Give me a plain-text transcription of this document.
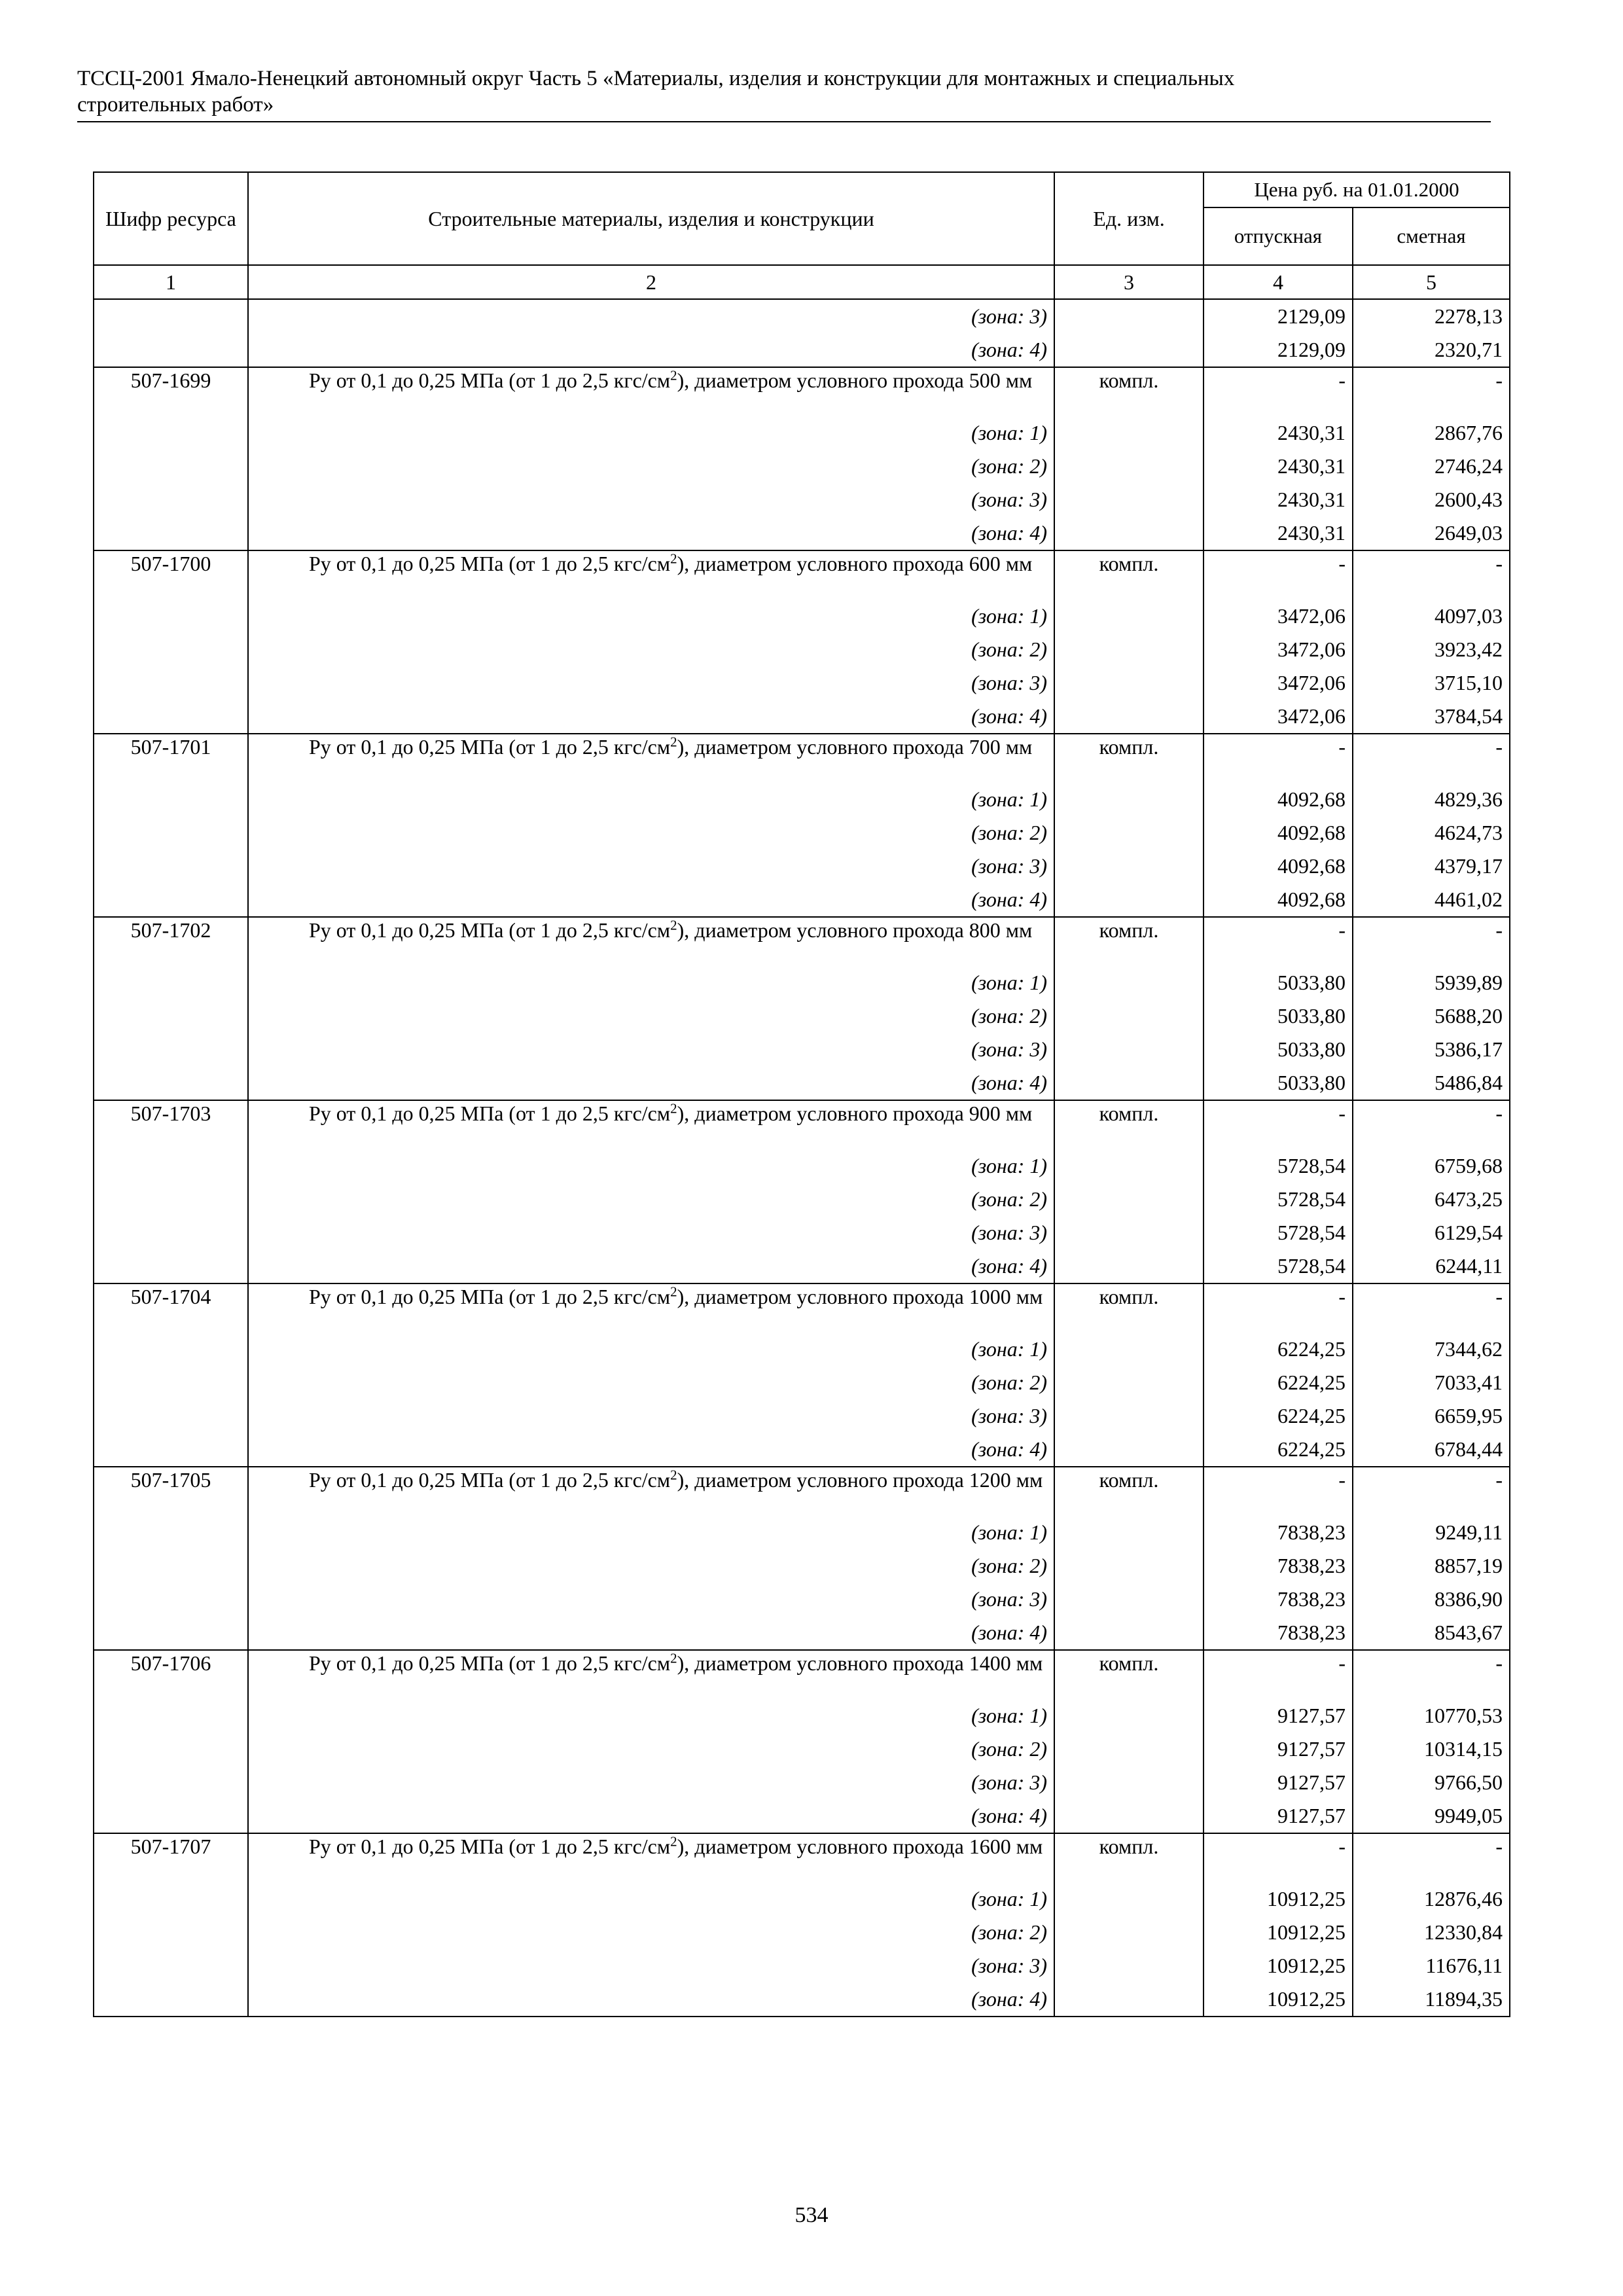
ТССЦ-2001 Ямало-Ненецкий автономный округ Часть 5 «Материалы, изделия и конструкции для монтажных и специальных
строительных работ»
Шифр ресурса	Строительные материалы, изделия и конструкции	Ед. изм.	Цена руб. на 01.01.2000	
			отпускная	сметная
1	2	3	4	5
	(зона: 3)		2129,09	2278,13
	(зона: 4)		2129,09	2320,71
507-1699	Ру от 0,1 до 0,25 МПа (от 1 до 2,5 кгс/$см^2$), диаметром условного прохода 500 мм	компл.	-	-
	(зона: 1)		2430,31	2867,76
	(зона: 2)		2430,31	2746,24
	(зона: 3)		2430,31	2600,43
	(зона: 4)		2430,31	2649,03
507-1700	Ру от 0,1 до 0,25 МПа (от 1 до 2,5 кгс/$см^2$), диаметром условного прохода 600 мм	компл.	-	-
	(зона: 1)		3472,06	4097,03
	(зона: 2)		3472,06	3923,42
	(зона: 3)		3472,06	3715,10
	(зона: 4)		3472,06	3784,54
507-1701	Ру от 0,1 до 0,25 МПа (от 1 до 2,5 кгс/$см^2$), диаметром условного прохода 700 мм	компл.	-	-
	(зона: 1)		4092,68	4829,36
	(зона: 2)		4092,68	4624,73
	(зона: 3)		4092,68	4379,17
	(зона: 4)		4092,68	4461,02
507-1702	Ру от 0,1 до 0,25 МПа (от 1 до 2,5 кгс/$см^2$), диаметром условного прохода 800 мм	компл.	-	-
	(зона: 1)		5033,80	5939,89
	(зона: 2)		5033,80	5688,20
	(зона: 3)		5033,80	5386,17
	(зона: 4)		5033,80	5486,84
507-1703	Ру от 0,1 до 0,25 МПа (от 1 до 2,5 кгс/$см^2$), диаметром условного прохода 900 мм	компл.	-	-
	(зона: 1)		5728,54	6759,68
	(зона: 2)		5728,54	6473,25
	(зона: 3)		5728,54	6129,54
	(зона: 4)		5728,54	6244,11
507-1704	Ру от 0,1 до 0,25 МПа (от 1 до 2,5 кгс/$см^2$), диаметром условного прохода 1000 мм	компл.	-	-
	(зона: 1)		6224,25	7344,62
	(зона: 2)		6224,25	7033,41
	(зона: 3)		6224,25	6659,95
	(зона: 4)		6224,25	6784,44
507-1705	Ру от 0,1 до 0,25 МПа (от 1 до 2,5 кгс/$см^2$), диаметром условного прохода 1200 мм	компл.	-	-
	(зона: 1)		7838,23	9249,11
	(зона: 2)		7838,23	8857,19
	(зона: 3)		7838,23	8386,90
	(зона: 4)		7838,23	8543,67
507-1706	Ру от 0,1 до 0,25 МПа (от 1 до 2,5 кгс/$см^2$), диаметром условного прохода 1400 мм	компл.	-	-
	(зона: 1)		9127,57	10770,53
	(зона: 2)		9127,57	10314,15
	(зона: 3)		9127,57	9766,50
	(зона: 4)		9127,57	9949,05
507-1707	Ру от 0,1 до 0,25 МПа (от 1 до 2,5 кгс/$см^2$), диаметром условного прохода 1600 мм	компл.	-	-
	(зона: 1)		10912,25	12876,46
	(зона: 2)		10912,25	12330,84
	(зона: 3)		10912,25	11676,11
	(зона: 4)		10912,25	11894,35
534
